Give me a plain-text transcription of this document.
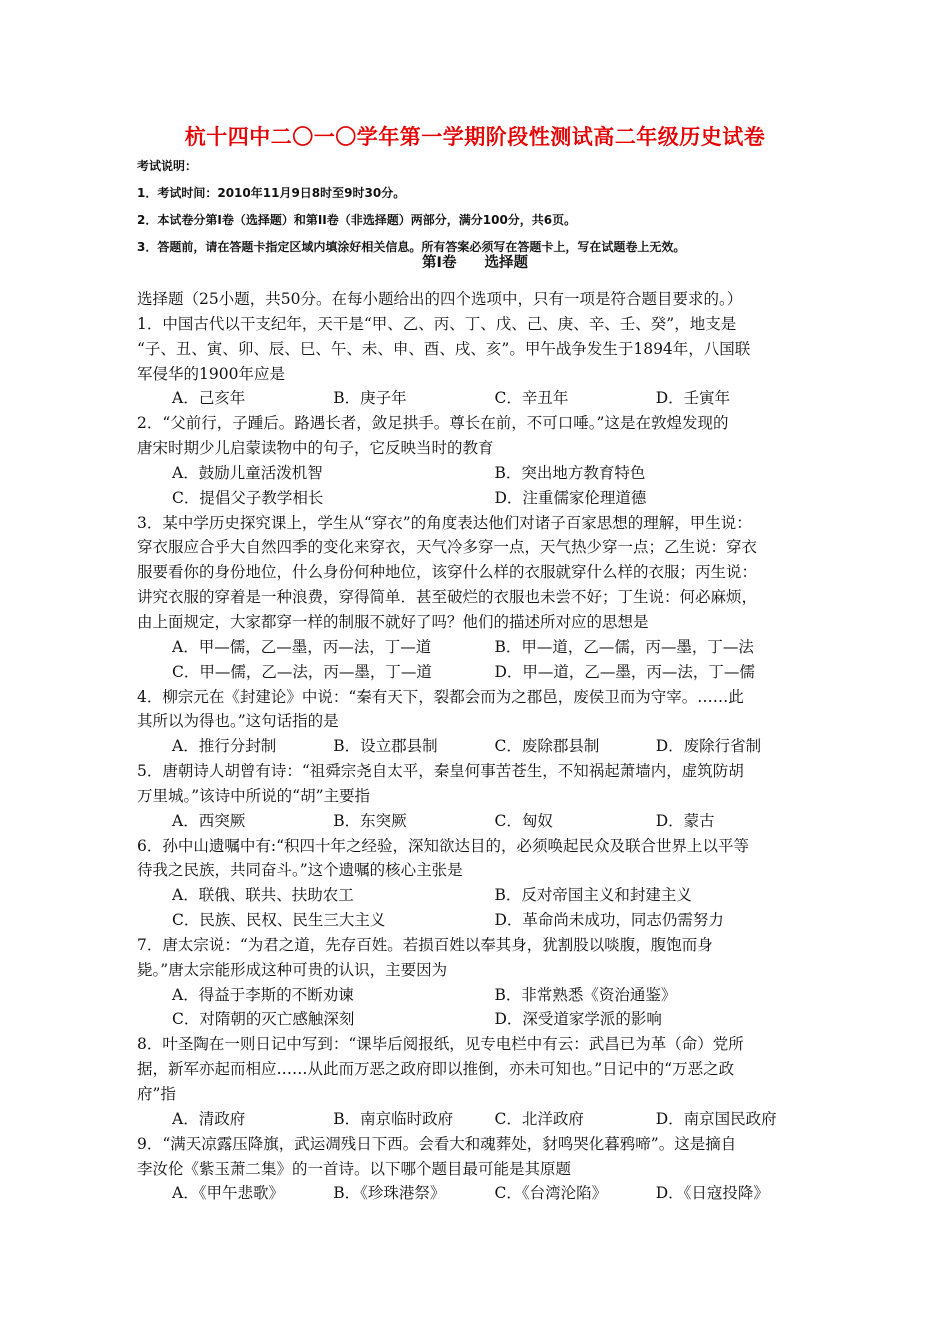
杭十四中二〇一〇学年第一学期阶段性测试高二年级历史试卷
考试说明：
1．考试时间：2010年11月9日8时至9时30分。
2．本试卷分第Ⅰ卷（选择题）和第ⅠⅠ卷（非选择题）两部分，满分100分，共6页。
3．答题前，请在答题卡指定区域内填涂好相关信息。所有答案必须写在答题卡上，写在试题卷上无效。
第Ⅰ卷 选择题
选择题（25小题，共50分。在每小题给出的四个选项中，只有一项是符合题目要求的。）
1．中国古代以干支纪年，天干是“甲、乙、丙、丁、戊、己、庚、辛、壬、癸”，地支是
“子、丑、寅、卯、辰、巳、午、未、申、酉、戌、亥”。甲午战争发生于1894年，八国联
军侵华的1900年应是
A．己亥年	B．庚子年	C．辛丑年	D．壬寅年
2．“父前行，子踵后。路遇长者，敛足拱手。尊长在前，不可口唾。”这是在敦煌发现的
唐宋时期少儿启蒙读物中的句子，它反映当时的教育
A．鼓励儿童活泼机智	B．突出地方教育特色
C．提倡父子教学相长	D．注重儒家伦理道德
3．某中学历史探究课上，学生从“穿衣”的角度表达他们对诸子百家思想的理解，甲生说：
穿衣服应合乎大自然四季的变化来穿衣，天气冷多穿一点，天气热少穿一点；乙生说：穿衣
服要看你的身份地位，什么身份何种地位，该穿什么样的衣服就穿什么样的衣服；丙生说：
讲究衣服的穿着是一种浪费，穿得简单．甚至破烂的衣服也未尝不好；丁生说：何必麻烦，
由上面规定，大家都穿一样的制服不就好了吗？他们的描述所对应的思想是
A．甲—儒，乙—墨，丙—法，丁—道	B．甲—道，乙—儒，丙—墨，丁—法
C．甲—儒，乙—法，丙—墨，丁—道	D．甲—道，乙—墨，丙—法，丁—儒
4．柳宗元在《封建论》中说：“秦有天下，裂都会而为之郡邑，废侯卫而为守宰。……此
其所以为得也。”这句话指的是
A．推行分封制	B．设立郡县制	C．废除郡县制	D．废除行省制
5．唐朝诗人胡曾有诗：“祖舜宗尧自太平，秦皇何事苦苍生，不知祸起萧墙内，虚筑防胡
万里城。”该诗中所说的“胡”主要指
A．西突厥	B．东突厥	C．匈奴	D．蒙古
6．孙中山遗嘱中有:“积四十年之经验，深知欲达目的，必须唤起民众及联合世界上以平等
待我之民族，共同奋斗。”这个遗嘱的核心主张是
A．联俄、联共、扶助农工	B．反对帝国主义和封建主义
C．民族、民权、民生三大主义	D．革命尚未成功，同志仍需努力
7．唐太宗说：“为君之道，先存百姓。若损百姓以奉其身，犹割股以啖腹，腹饱而身
毙。”唐太宗能形成这种可贵的认识，主要因为
A．得益于李斯的不断劝谏	B．非常熟悉《资治通鉴》
C．对隋朝的灭亡感触深刻	D．深受道家学派的影响
8．叶圣陶在一则日记中写到：“课毕后阅报纸，见专电栏中有云：武昌已为革（命）党所
据，新军亦起而相应……从此而万恶之政府即以推倒，亦未可知也。”日记中的“万恶之政
府”指
A．清政府	B．南京临时政府	C．北洋政府	D．南京国民政府
9．“满天凉露压降旗，武运凋残日下西。会看大和魂葬处，豺鸣哭化暮鸦啼”。这是摘自
李汝伦《紫玉萧二集》的一首诗。以下哪个题目最可能是其原题
A．《甲午悲歌》	B．《珍珠港祭》	C．《台湾沦陷》	D．《日寇投降》
